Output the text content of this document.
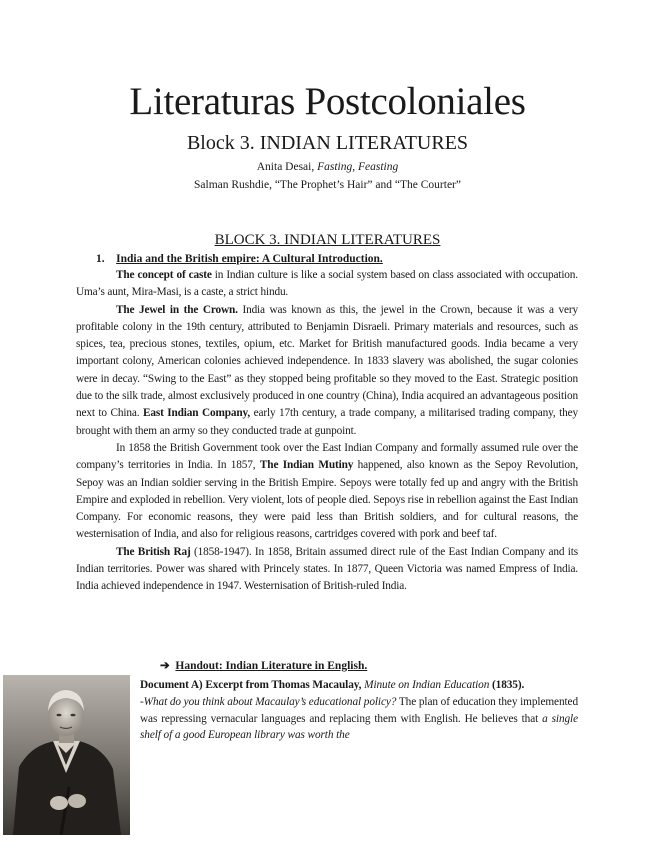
Literaturas Postcoloniales
Block 3. INDIAN LITERATURES
Anita Desai, Fasting, Feasting
Salman Rushdie, “The Prophet’s Hair” and “The Courter”
BLOCK 3. INDIAN LITERATURES
1. India and the British empire: A Cultural Introduction.

The concept of caste in Indian culture is like a social system based on class associated with occupation. Uma’s aunt, Mira-Masi, is a caste, a strict hindu.

The Jewel in the Crown. India was known as this, the jewel in the Crown, because it was a very profitable colony in the 19th century, attributed to Benjamin Disraeli. Primary materials and resources, such as spices, tea, precious stones, textiles, opium, etc. Market for British manufactured goods. India became a very important colony, American colonies achieved independence. In 1833 slavery was abolished, the sugar colonies were in decay. “Swing to the East” as they stopped being profitable so they moved to the East. Strategic position due to the silk trade, almost exclusively produced in one country (China), India acquired an advantageous position next to China. East Indian Company, early 17th century, a trade company, a militarised trading company, they brought with them an army so they conducted trade at gunpoint.

In 1858 the British Government took over the East Indian Company and formally assumed rule over the company’s territories in India. In 1857, The Indian Mutiny happened, also known as the Sepoy Revolution, Sepoy was an Indian soldier serving in the British Empire. Sepoys were totally fed up and angry with the British Empire and exploded in rebellion. Very violent, lots of people died. Sepoys rise in rebellion against the East Indian Company. For economic reasons, they were paid less than British soldiers, and for cultural reasons, the westernisation of India, and also for religious reasons, cartridges covered with pork and beef taf.

The British Raj (1858-1947). In 1858, Britain assumed direct rule of the East Indian Company and its Indian territories. Power was shared with Princely states. In 1877, Queen Victoria was named Empress of India. India achieved independence in 1947. Westernisation of British-ruled India.

➔ Handout: Indian Literature in English.

Document A) Excerpt from Thomas Macaulay, Minute on Indian Education (1835).

-What do you think about Macaulay’s educational policy? The plan of education they implemented was repressing vernacular languages and replacing them with English. He believes that a single shelf of a good European library was worth the
